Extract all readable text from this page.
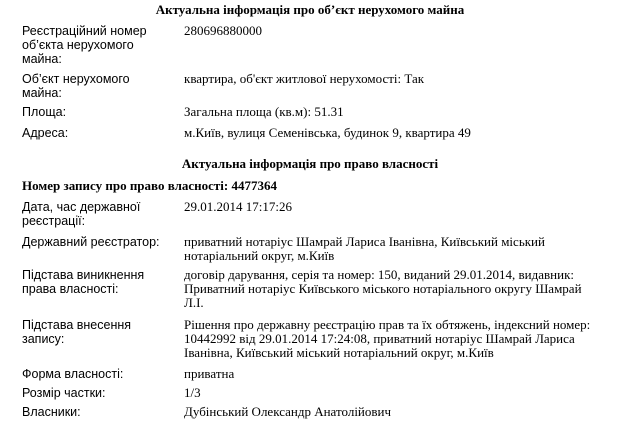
Актуальна інформація про об’єкт нерухомого майна
Реєстраційний номер об’єкта нерухомого майна:
280696880000
Об’єкт нерухомого майна:
квартира, об'єкт житлової нерухомості: Так
Площа:	Загальна площа (кв.м): 51.31
Адреса:	м.Київ, вулиця Семенівська, будинок 9, квартира 49
Актуальна інформація про право власності
Номер запису про право власності: 4477364
Дата, час державної реєстрації:
29.01.2014 17:17:26
Державний реєстратор:	приватний нотаріус Шамрай Лариса Іванівна, Київський міський нотаріальний округ, м.Київ
Підстава виникнення права власності:
договір дарування, серія та номер: 150, виданий 29.01.2014, видавник: Приватний нотаріус Київського міського нотаріального округу Шамрай Л.І.
Підстава внесення запису:
Рішення про державну реєстрацію прав та їх обтяжень, індексний номер: 10442992 від 29.01.2014 17:24:08, приватний нотаріус Шамрай Лариса Іванівна, Київський міський нотаріальний округ, м.Київ
Форма власності:	приватна
Розмір частки:	1/3
Власники:	Дубінський Олександр Анатолійович
